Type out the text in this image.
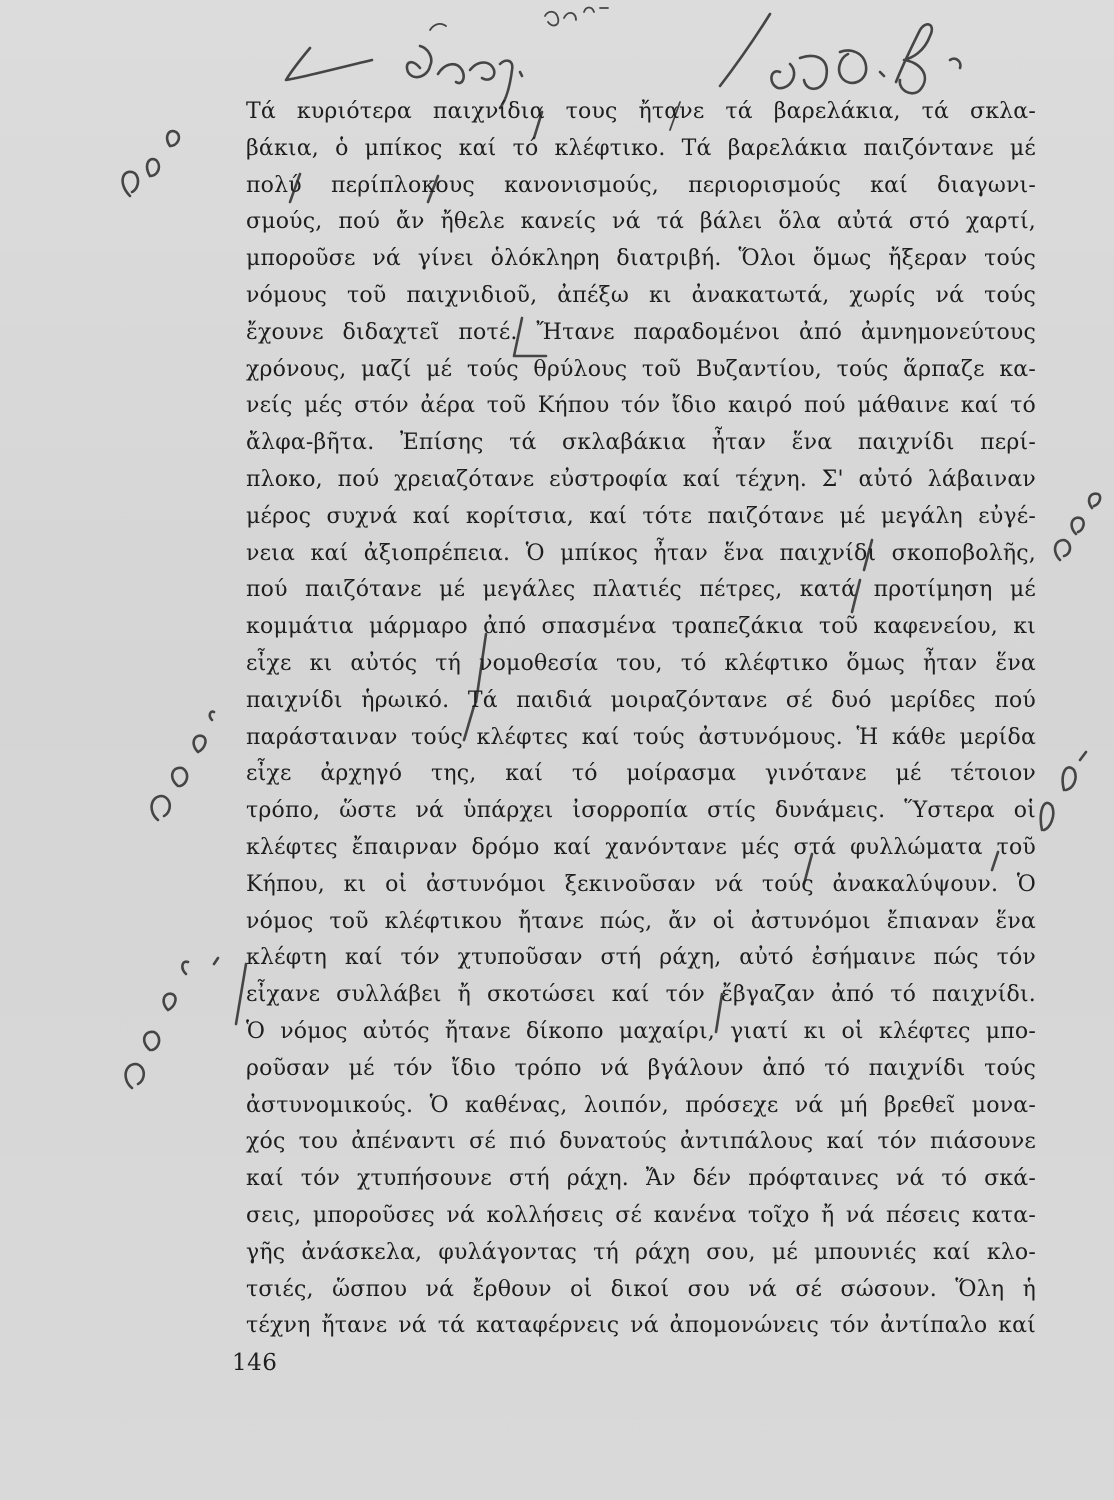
Τά κυριότερα παιχνίδια τους ἤτανε τά βαρελάκια, τά σκλα-
βάκια, ὁ μπίκος καί τό κλέφτικο. Τά βαρελάκια παιζόντανε μέ
πολύ περίπλοκους κανονισμούς, περιορισμούς καί διαγωνι-
σμούς, πού ἄν ἤθελε κανείς νά τά βάλει ὅλα αὐτά στό χαρτί,
μποροῦσε νά γίνει ὁλόκληρη διατριβή. Ὅλοι ὅμως ἤξεραν τούς
νόμους τοῦ παιχνιδιοῦ, ἀπέξω κι ἀνακατωτά, χωρίς νά τούς
ἔχουνε διδαχτεῖ ποτέ. Ἤτανε παραδομένοι ἀπό ἀμνημονεύτους
χρόνους, μαζί μέ τούς θρύλους τοῦ Βυζαντίου, τούς ἅρπαζε κα-
νείς μές στόν ἀέρα τοῦ Κήπου τόν ἴδιο καιρό πού μάθαινε καί τό
ἄλφα-βῆτα. Ἐπίσης τά σκλαβάκια ἦταν ἕνα παιχνίδι περί-
πλοκο, πού χρειαζότανε εὐστροφία καί τέχνη. Σ' αὐτό λάβαιναν
μέρος συχνά καί κορίτσια, καί τότε παιζότανε μέ μεγάλη εὐγέ-
νεια καί ἀξιοπρέπεια. Ὁ μπίκος ἦταν ἕνα παιχνίδι σκοποβολῆς,
πού παιζότανε μέ μεγάλες πλατιές πέτρες, κατά προτίμηση μέ
κομμάτια μάρμαρο ἀπό σπασμένα τραπεζάκια τοῦ καφενείου, κι
εἶχε κι αὐτός τή νομοθεσία του, τό κλέφτικο ὅμως ἦταν ἕνα
παιχνίδι ἡρωικό. Τά παιδιά μοιραζόντανε σέ δυό μερίδες πού
παράσταιναν τούς κλέφτες καί τούς ἀστυνόμους. Ἡ κάθε μερίδα
εἶχε ἀρχηγό της, καί τό μοίρασμα γινότανε μέ τέτοιον
τρόπο, ὥστε νά ὑπάρχει ἰσορροπία στίς δυνάμεις. Ὕστερα οἱ
κλέφτες ἔπαιρναν δρόμο καί χανόντανε μές στά φυλλώματα τοῦ
Κήπου, κι οἱ ἀστυνόμοι ξεκινοῦσαν νά τούς ἀνακαλύψουν. Ὁ
νόμος τοῦ κλέφτικου ἤτανε πώς, ἄν οἱ ἀστυνόμοι ἔπιαναν ἕνα
κλέφτη καί τόν χτυποῦσαν στή ράχη, αὐτό ἐσήμαινε πώς τόν
εἶχανε συλλάβει ἤ σκοτώσει καί τόν ἔβγαζαν ἀπό τό παιχνίδι.
Ὁ νόμος αὐτός ἤτανε δίκοπο μαχαίρι, γιατί κι οἱ κλέφτες μπο-
ροῦσαν μέ τόν ἴδιο τρόπο νά βγάλουν ἀπό τό παιχνίδι τούς
ἀστυνομικούς. Ὁ καθένας, λοιπόν, πρόσεχε νά μή βρεθεῖ μονα-
χός του ἀπέναντι σέ πιό δυνατούς ἀντιπάλους καί τόν πιάσουνε
καί τόν χτυπήσουνε στή ράχη. Ἄν δέν πρόφταινες νά τό σκά-
σεις, μποροῦσες νά κολλήσεις σέ κανένα τοῖχο ἤ νά πέσεις κατα-
γῆς ἀνάσκελα, φυλάγοντας τή ράχη σου, μέ μπουνιές καί κλο-
τσιές, ὥσπου νά ἔρθουν οἱ δικοί σου νά σέ σώσουν. Ὅλη ἡ
τέχνη ἤτανε νά τά καταφέρνεις νά ἀπομονώνεις τόν ἀντίπαλο καί
146
